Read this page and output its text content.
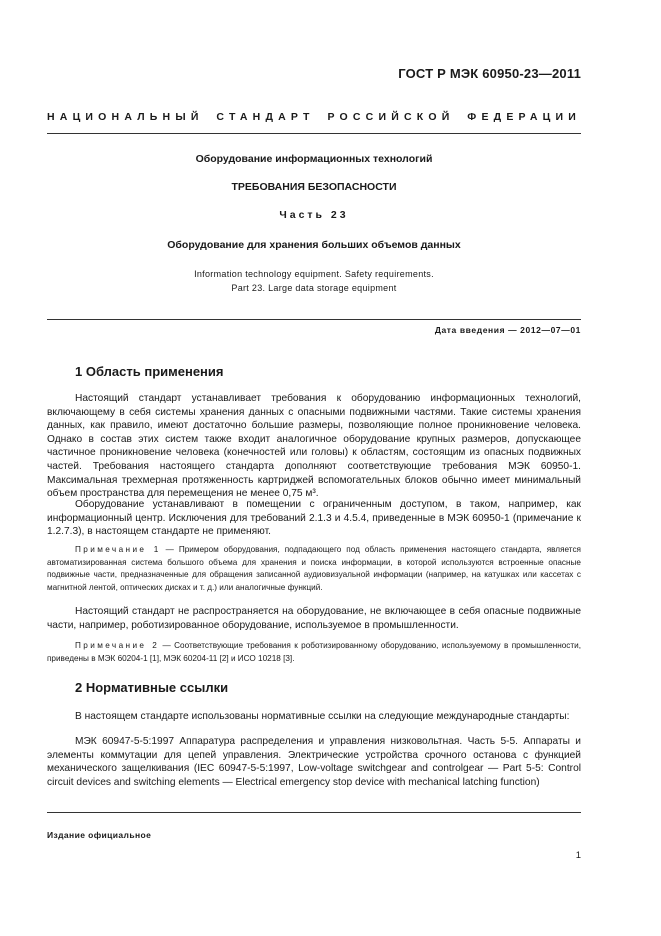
ГОСТ Р МЭК 60950-23—2011
НАЦИОНАЛЬНЫЙ СТАНДАРТ РОССИЙСКОЙ ФЕДЕРАЦИИ
Оборудование информационных технологий
ТРЕБОВАНИЯ БЕЗОПАСНОСТИ
Часть 23
Оборудование для хранения больших объемов данных
Information technology equipment. Safety requirements.
Part 23. Large data storage equipment
Дата введения — 2012—07—01
1 Область применения

Настоящий стандарт устанавливает требования к оборудованию информационных технологий, включающему в себя системы хранения данных с опасными подвижными частями. Такие системы хранения данных, как правило, имеют достаточно большие размеры, позволяющие полное проникновение человека. Однако в состав этих систем также входит аналогичное оборудование крупных размеров, допускающее частичное проникновение человека (конечностей или головы) к областям, состоящим из опасных подвижных частей. Требования настоящего стандарта дополняют соответствующие требования МЭК 60950-1. Максимальная трехмерная протяженность картриджей вспомогательных блоков обычно имеет минимальный объем пространства для перемещения не менее 0,75 м³.

Оборудование устанавливают в помещении с ограниченным доступом, в таком, например, как информационный центр. Исключения для требований 2.1.3 и 4.5.4, приведенные в МЭК 60950-1 (примечание к 1.2.7.3), в настоящем стандарте не применяют.

Примечание 1 — Примером оборудования, подпадающего под область применения настоящего стандарта, является автоматизированная система большого объема для хранения и поиска информации, в которой используются встроенные опасные подвижные части, предназначенные для обращения записанной аудиовизуальной информации (например, на катушках или кассетах с магнитной лентой, оптических дисках и т. д.) или аналогичные функций.

Настоящий стандарт не распространяется на оборудование, не включающее в себя опасные подвижные части, например, роботизированное оборудование, используемое в промышленности.

Примечание 2 — Соответствующие требования к роботизированному оборудованию, используемому в промышленности, приведены в МЭК 60204-1 [1], МЭК 60204-11 [2] и ИСО 10218 [3].

2 Нормативные ссылки

В настоящем стандарте использованы нормативные ссылки на следующие международные стандарты:

МЭК 60947-5-5:1997 Аппаратура распределения и управления низковольтная. Часть 5-5. Аппараты и элементы коммутации для цепей управления. Электрические устройства срочного останова с функцией механического защелкивания (IEC 60947-5-5:1997, Low-voltage switchgear and controlgear — Part 5-5: Control circuit devices and switching elements — Electrical emergency stop device with mechanical latching function)

Издание официальное
1
